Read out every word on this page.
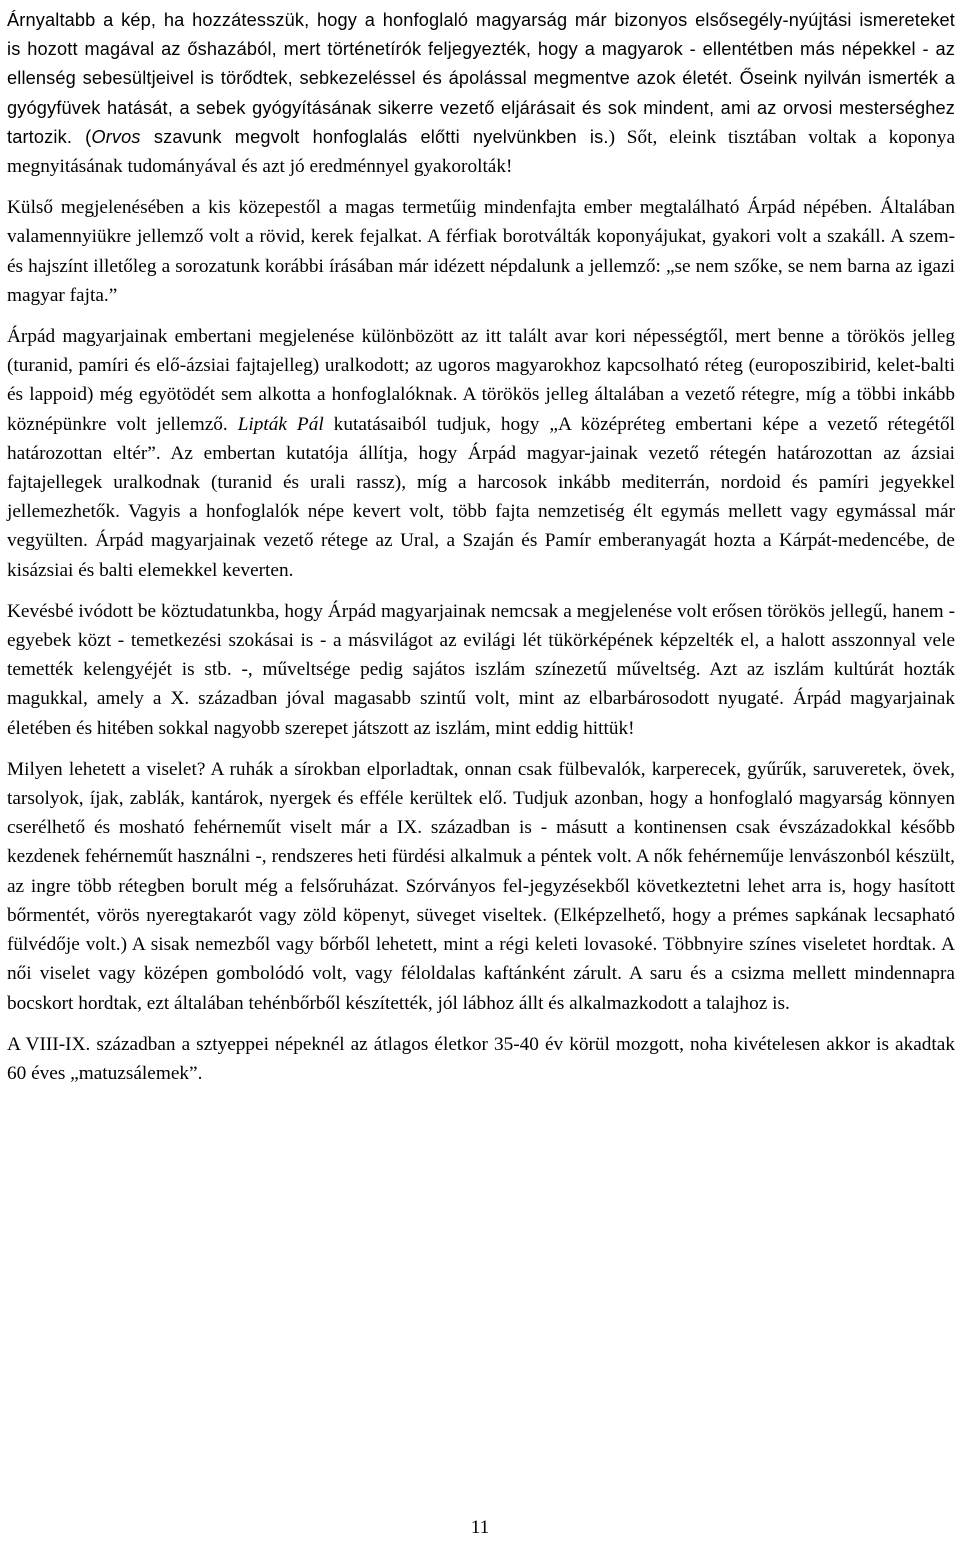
Árnyaltabb a kép, ha hozzátesszük, hogy a honfoglaló magyarság már bizonyos elsősegély-nyújtási ismereteket is hozott magával az őshazából, mert történetírók feljegyezték, hogy a magyarok - ellentétben más népekkel - az ellenség sebesültjeivel is törődtek, sebkezeléssel és ápolással megmentve azok életét. Őseink nyilván ismerték a gyógyfüvek hatását, a sebek gyógyításának sikerre vezető eljárásait és sok mindent, ami az orvosi mesterséghez tartozik. (Orvos szavunk megvolt honfoglalás előtti nyelvünkben is.) Sőt, eleink tisztában voltak a koponya megnyitásának tudományával és azt jó eredménnyel gyakorolták!

Külső megjelenésében a kis közepestől a magas termetűig mindenfajta ember megtalálható Árpád népében. Általában valamennyiükre jellemző volt a rövid, kerek fejalkat. A férfiak borotválták koponyájukat, gyakori volt a szakáll. A szem- és hajszínt illetőleg a sorozatunk korábbi írásában már idézett népdalunk a jellemző: „se nem szőke, se nem barna az igazi magyar fajta.”

Árpád magyarjainak embertani megjelenése különbözött az itt talált avar kori népességtől, mert benne a törökös jelleg (turanid, pamíri és elő-ázsiai fajtajelleg) uralkodott; az ugoros magyarokhoz kapcsolható réteg (europoszibirid, kelet-balti és lappoid) még egyötödét sem alkotta a honfoglalóknak. A törökös jelleg általában a vezető rétegre, míg a többi inkább köznépünkre volt jellemző. Lipták Pál kutatásaiból tudjuk, hogy „A középréteg embertani képe a vezető rétegétől határozottan eltér”. Az embertan kutatója állítja, hogy Árpád magyar-jainak vezető rétegén határozottan az ázsiai fajtajellegek uralkodnak (turanid és urali rassz), míg a harcosok inkább mediterrán, nordoid és pamíri jegyekkel jellemezhetők. Vagyis a honfoglalók népe kevert volt, több fajta nemzetiség élt egymás mellett vagy egymással már vegyülten. Árpád magyarjainak vezető rétege az Ural, a Szaján és Pamír emberanyagát hozta a Kárpát-medencébe, de kisázsiai és balti elemekkel keverten.

Kevésbé ivódott be köztudatunkba, hogy Árpád magyarjainak nemcsak a megjelenése volt erősen törökös jellegű, hanem - egyebek közt - temetkezési szokásai is - a másvilágot az evilági lét tükörképének képzelték el, a halott asszonnyal vele temették kelengyéjét is stb. -, műveltsége pedig sajátos iszlám színezetű műveltség. Azt az iszlám kultúrát hozták magukkal, amely a X. században jóval magasabb szintű volt, mint az elbarbárosodott nyugaté. Árpád magyarjainak életében és hitében sokkal nagyobb szerepet játszott az iszlám, mint eddig hittük!

Milyen lehetett a viselet? A ruhák a sírokban elporladtak, onnan csak fülbevalók, karperecek, gyűrűk, saruveretek, övek, tarsolyok, íjak, zablák, kantárok, nyergek és efféle kerültek elő. Tudjuk azonban, hogy a honfoglaló magyarság könnyen cserélhető és mosható fehérneműt viselt már a IX. században is - másutt a kontinensen csak évszázadokkal később kezdenek fehérneműt használni -, rendszeres heti fürdési alkalmuk a péntek volt. A nők fehérneműje lenvászonból készült, az ingre több rétegben borult még a felsőruházat. Szórványos fel-jegyzésekből következtetni lehet arra is, hogy hasított bőrmentét, vörös nyeregtakarót vagy zöld köpenyt, süveget viseltek. (Elképzelhető, hogy a prémes sapkának lecsapható fülvédője volt.) A sisak nemezből vagy bőrből lehetett, mint a régi keleti lovasoké. Többnyire színes viseletet hordtak. A női viselet vagy középen gombolódó volt, vagy féloldalas kaftánként zárult. A saru és a csizma mellett mindennapra bocskort hordtak, ezt általában tehénbőrből készítették, jól lábhoz állt és alkalmazkodott a talajhoz is.

A VIII-IX. században a sztyeppei népeknél az átlagos életkor 35-40 év körül mozgott, noha kivételesen akkor is akadtak 60 éves „matuzsálemek”.

11
